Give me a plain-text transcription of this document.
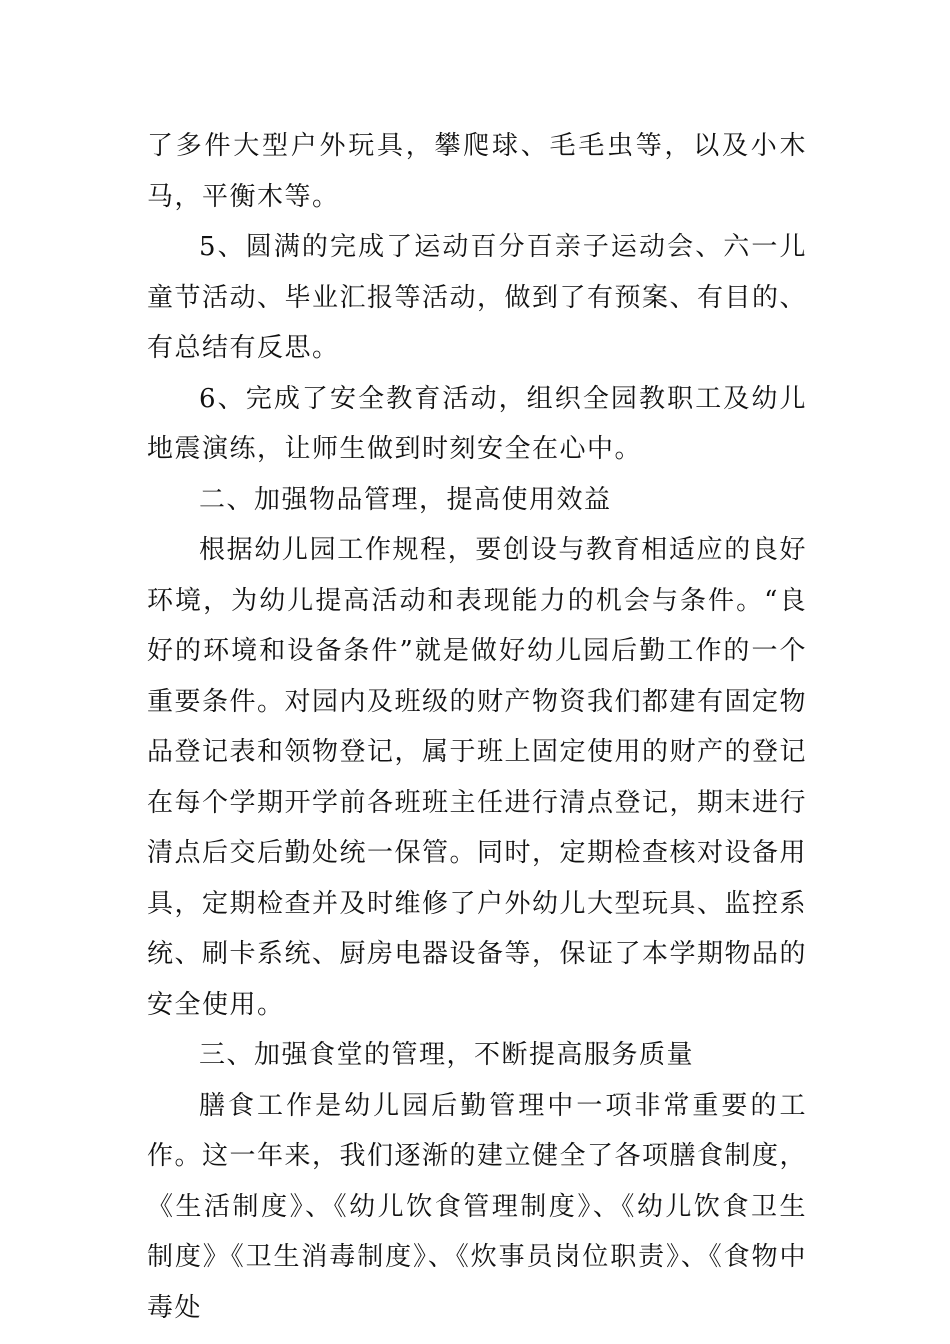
了多件大型户外玩具，攀爬球、毛毛虫等，以及小木马，平衡木等。

5、圆满的完成了运动百分百亲子运动会、六一儿童节活动、毕业汇报等活动，做到了有预案、有目的、有总结有反思。

6、完成了安全教育活动，组织全园教职工及幼儿地震演练，让师生做到时刻安全在心中。

二、加强物品管理，提高使用效益

根据幼儿园工作规程，要创设与教育相适应的良好环境，为幼儿提高活动和表现能力的机会与条件。“良好的环境和设备条件”就是做好幼儿园后勤工作的一个重要条件。对园内及班级的财产物资我们都建有固定物品登记表和领物登记，属于班上固定使用的财产的登记在每个学期开学前各班班主任进行清点登记，期末进行清点后交后勤处统一保管。同时，定期检查核对设备用具，定期检查并及时维修了户外幼儿大型玩具、监控系统、刷卡系统、厨房电器设备等，保证了本学期物品的安全使用。

三、加强食堂的管理，不断提高服务质量

膳食工作是幼儿园后勤管理中一项非常重要的工作。这一年来，我们逐渐的建立健全了各项膳食制度，《生活制度》、《幼儿饮食管理制度》、《幼儿饮食卫生制度》《卫生消毒制度》、《炊事员岗位职责》、《食物中毒处
